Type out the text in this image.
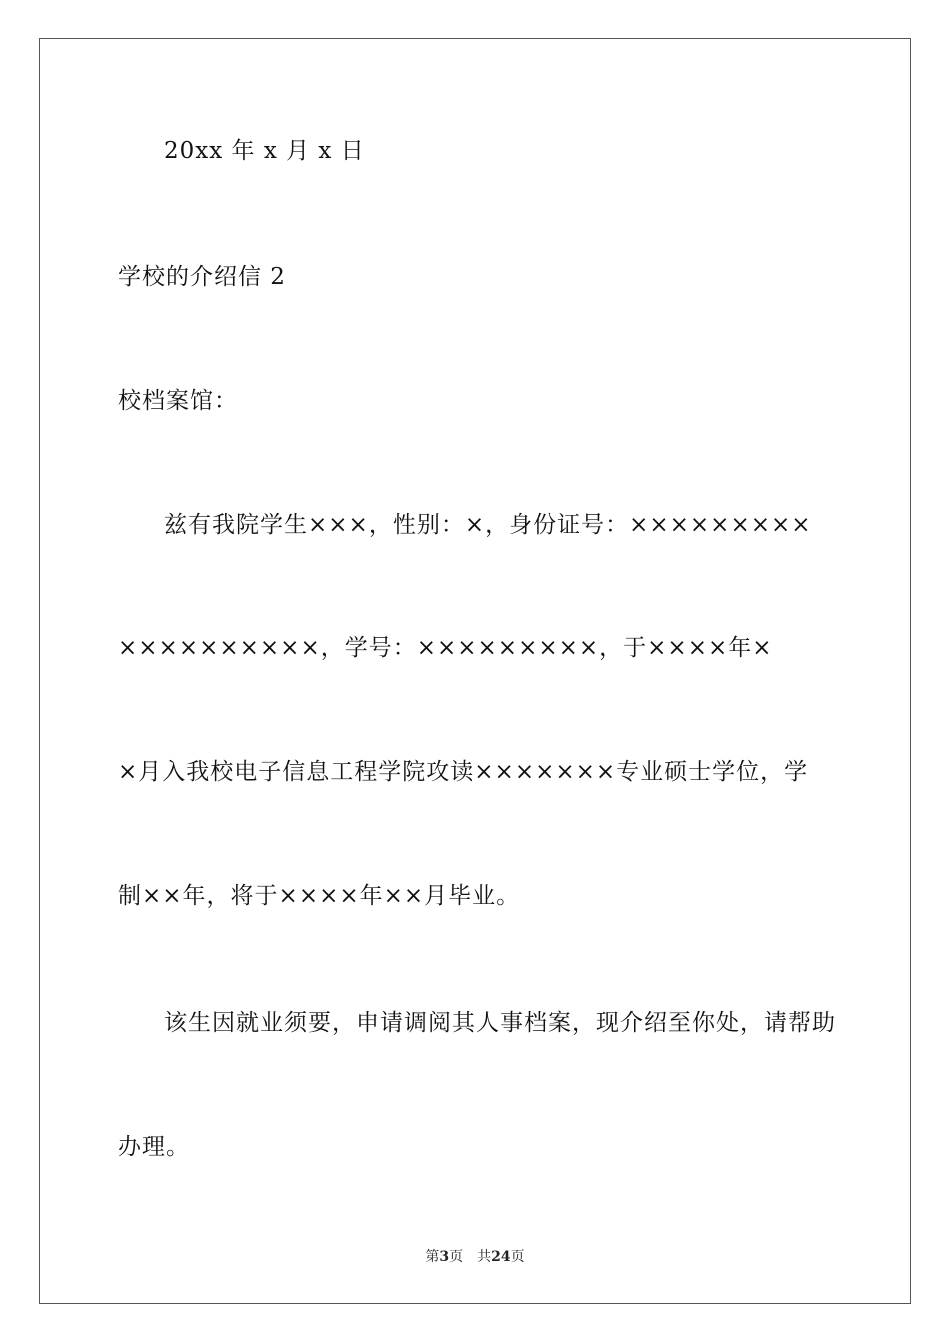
20xx 年 x 月 x 日
学校的介绍信 2
校档案馆：
兹有我院学生×××，性别：×，身份证号：×××××××××
××××××××××，学号：×××××××××，于××××年×
×月入我校电子信息工程学院攻读×××××××专业硕士学位，学
制××年，将于××××年××月毕业。
该生因就业须要，申请调阅其人事档案，现介绍至你处，请帮助
办理。
第3页 共24页
